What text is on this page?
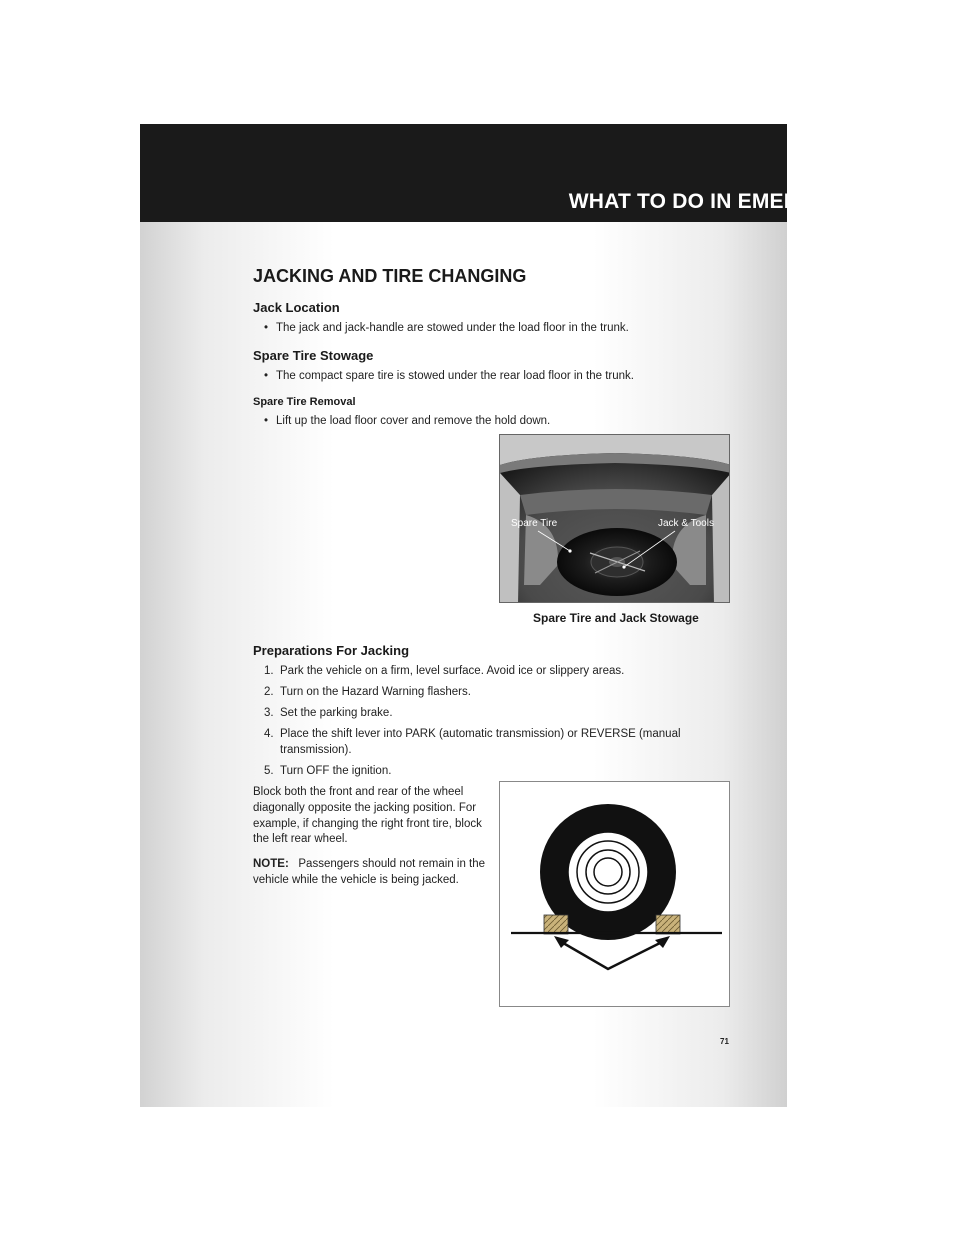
WHAT TO DO IN EMERGENCIES
JACKING AND TIRE CHANGING
Jack Location
• The jack and jack-handle are stowed under the load floor in the trunk.
Spare Tire Stowage
• The compact spare tire is stowed under the rear load floor in the trunk.
Spare Tire Removal
• Lift up the load floor cover and remove the hold down.
Spare Tire	Jack & Tools
Spare Tire and Jack Stowage
Preparations For Jacking
1. Park the vehicle on a firm, level surface. Avoid ice or slippery areas.
2. Turn on the Hazard Warning flashers.
3. Set the parking brake.
4. Place the shift lever into PARK (automatic transmission) or REVERSE (manual transmission).
5. Turn OFF the ignition.
Block both the front and rear of the wheel diagonally opposite the jacking position. For example, if changing the right front tire, block the left rear wheel.
NOTE: Passengers should not remain in the vehicle while the vehicle is being jacked.
71
